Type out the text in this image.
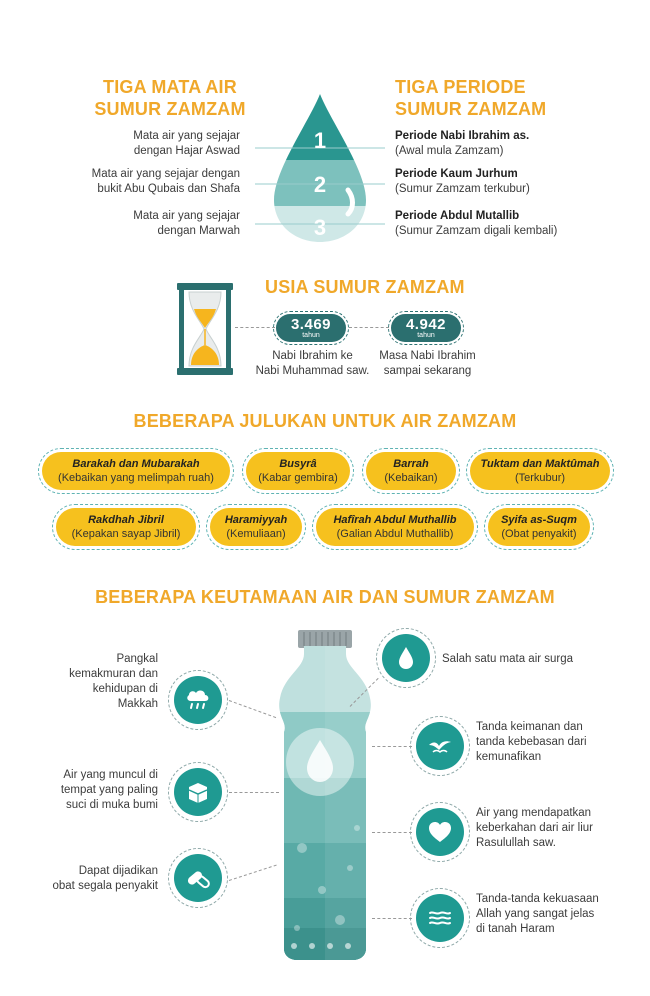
TIGA MATA AIR
SUMUR ZAMZAM
TIGA PERIODE
SUMUR ZAMZAM
Mata air yang sejajar
dengan Hajar Aswad
Mata air yang sejajar dengan
bukit Abu Qubais dan Shafa
Mata air yang sejajar
dengan Marwah
1
2
3
Periode Nabi Ibrahim as.
(Awal mula Zamzam)
Periode Kaum Jurhum
(Sumur Zamzam terkubur)
Periode Abdul Mutallib
(Sumur Zamzam digali kembali)
USIA SUMUR ZAMZAM
3.469
tahun
4.942
tahun
Nabi Ibrahim ke
Nabi Muhammad saw.
Masa Nabi Ibrahim
sampai sekarang
BEBERAPA JULUKAN UNTUK AIR ZAMZAM
Barakah dan Mubarakah
(Kebaikan yang melimpah ruah)
Busyrâ
(Kabar gembira)
Barrah
(Kebaikan)
Tuktam dan Maktûmah
(Terkubur)
Rakdhah Jibril
(Kepakan sayap Jibril)
Haramiyyah
(Kemuliaan)
Hafîrah Abdul Muthallib
(Galian Abdul Muthallib)
Syifa as-Suqm
(Obat penyakit)
BEBERAPA KEUTAMAAN AIR DAN SUMUR ZAMZAM
Pangkal
kemakmuran dan
kehidupan di Makkah
Air yang muncul di
tempat yang paling
suci di muka bumi
Dapat dijadikan
obat segala penyakit
Salah satu mata air surga
Tanda keimanan dan
tanda kebebasan dari
kemunafikan
Air yang mendapatkan
keberkahan dari air liur
Rasulullah saw.
Tanda-tanda kekuasaan
Allah yang sangat jelas
di tanah Haram
